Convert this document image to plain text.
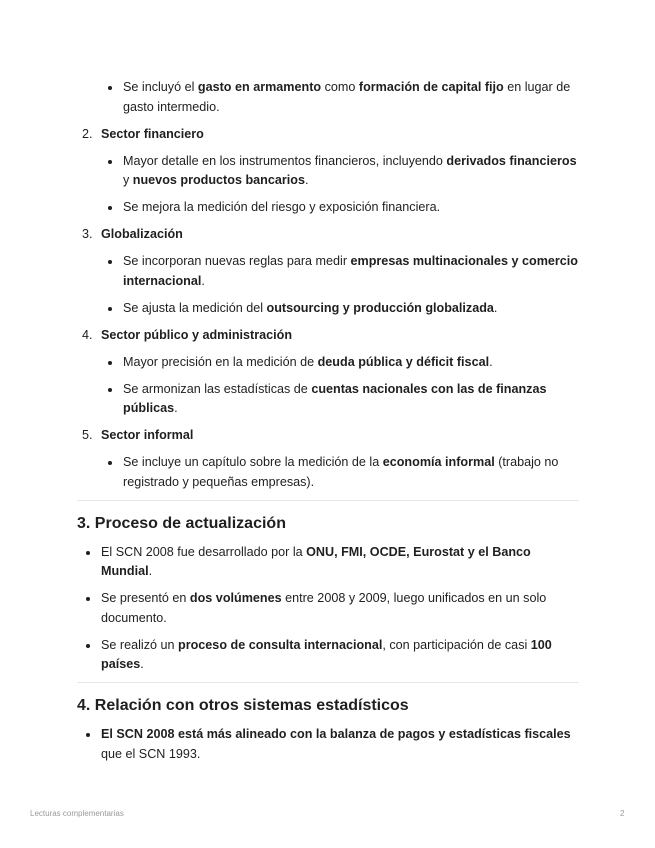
Se incluyó el gasto en armamento como formación de capital fijo en lugar de gasto intermedio.
2. Sector financiero
Mayor detalle en los instrumentos financieros, incluyendo derivados financieros y nuevos productos bancarios.
Se mejora la medición del riesgo y exposición financiera.
3. Globalización
Se incorporan nuevas reglas para medir empresas multinacionales y comercio internacional.
Se ajusta la medición del outsourcing y producción globalizada.
4. Sector público y administración
Mayor precisión en la medición de deuda pública y déficit fiscal.
Se armonizan las estadísticas de cuentas nacionales con las de finanzas públicas.
5. Sector informal
Se incluye un capítulo sobre la medición de la economía informal (trabajo no registrado y pequeñas empresas).
3. Proceso de actualización
El SCN 2008 fue desarrollado por la ONU, FMI, OCDE, Eurostat y el Banco Mundial.
Se presentó en dos volúmenes entre 2008 y 2009, luego unificados en un solo documento.
Se realizó un proceso de consulta internacional, con participación de casi 100 países.
4. Relación con otros sistemas estadísticos
El SCN 2008 está más alineado con la balanza de pagos y estadísticas fiscales que el SCN 1993.
Lecturas complementarias	2
